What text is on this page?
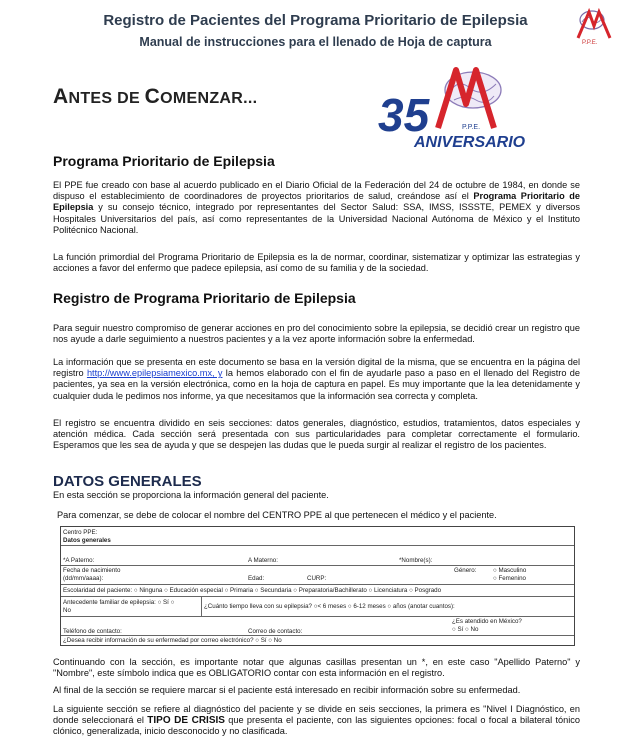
Registro de Pacientes del Programa Prioritario de Epilepsia
Manual de instrucciones para el llenado de Hoja de captura	P.P.E.
ANTES DE COMENZAR...	35	P.P.E.
ANIVERSARIO
Programa Prioritario de Epilepsia
El PPE fue creado con base al acuerdo publicado en el Diario Oficial de la Federación del 24 de octubre de 1984, en donde se dispuso el establecimiento de coordinadores de proyectos prioritarios de salud, creándose así el Programa Prioritario de Epilepsia y su consejo técnico, integrado por representantes del Sector Salud: SSA, IMSS, ISSSTE, PEMEX y diversos Hospitales Universitarios del país, así como representantes de la Universidad Nacional Autónoma de México y el Instituto Politécnico Nacional.
La función primordial del Programa Prioritario de Epilepsia es la de normar, coordinar, sistematizar y optimizar las estrategias y acciones a favor del enfermo que padece epilepsia, así como de su familia y de la sociedad.
Registro de Programa Prioritario de Epilepsia
Para seguir nuestro compromiso de generar acciones en pro del conocimiento sobre la epilepsia, se decidió crear un registro que nos ayude a darle seguimiento a nuestros pacientes y a la vez aporte información sobre la enfermedad.
La información que se presenta en este documento se basa en la versión digital de la misma, que se encuentra en la página del registro http://www.epilepsiamexico.mx, y la hemos elaborado con el fin de ayudarle paso a paso en el llenado del Registro de pacientes, ya sea en la versión electrónica, como en la hoja de captura en papel. Es muy importante que la lea detenidamente y cualquier duda le pedimos nos informe, ya que necesitamos que la información sea correcta y completa.
El registro se encuentra dividido en seis secciones: datos generales, diagnóstico, estudios, tratamientos, datos especiales y atención médica. Cada sección será presentada con sus particularidades para completar correctamente el formulario. Esperamos que les sea de ayuda y que se despejen las dudas que le pueda surgir al realizar el registro de los pacientes.
DATOS GENERALES
En esta sección se proporciona la información general del paciente.
Para comenzar, se debe de colocar el nombre del CENTRO PPE al que pertenecen el médico y el paciente.
Centro PPE:
Datos generales
*A Paterno:	A Materno:	*Nombre(s):
Fecha de nacimiento
(dd/mm/aaaa):	Edad:	CURP:
Género:	○ Masculino
○ Femenino
Escolaridad del paciente: ○ Ninguna ○ Educación especial ○ Primaria ○ Secundaria ○ Preparatoria/Bachillerato ○ Licenciatura ○ Posgrado
Antecedente familiar de epilepsia: ○ Sí ○
No
¿Cuánto tiempo lleva con su epilepsia? ○< 6 meses ○ 6-12 meses ○ años (anotar cuantos):
¿Es atendido en México?
○ Sí ○ No
Teléfono de contacto:	Correo de contacto:
¿Desea recibir información de su enfermedad por correo electrónico? ○ Sí ○ No
Continuando con la sección, es importante notar que algunas casillas presentan un *, en este caso "Apellido Paterno" y "Nombre", este símbolo indica que es OBLIGATORIO contar con esta información en el registro.
Al final de la sección se requiere marcar si el paciente está interesado en recibir información sobre su enfermedad.
La siguiente sección se refiere al diagnóstico del paciente y se divide en seis secciones, la primera es "Nivel I Diagnóstico, en donde seleccionará el TIPO DE CRISIS que presenta el paciente, con las siguientes opciones: focal o focal a bilateral tónico clónico, generalizada, inicio desconocido y no clasificada.
